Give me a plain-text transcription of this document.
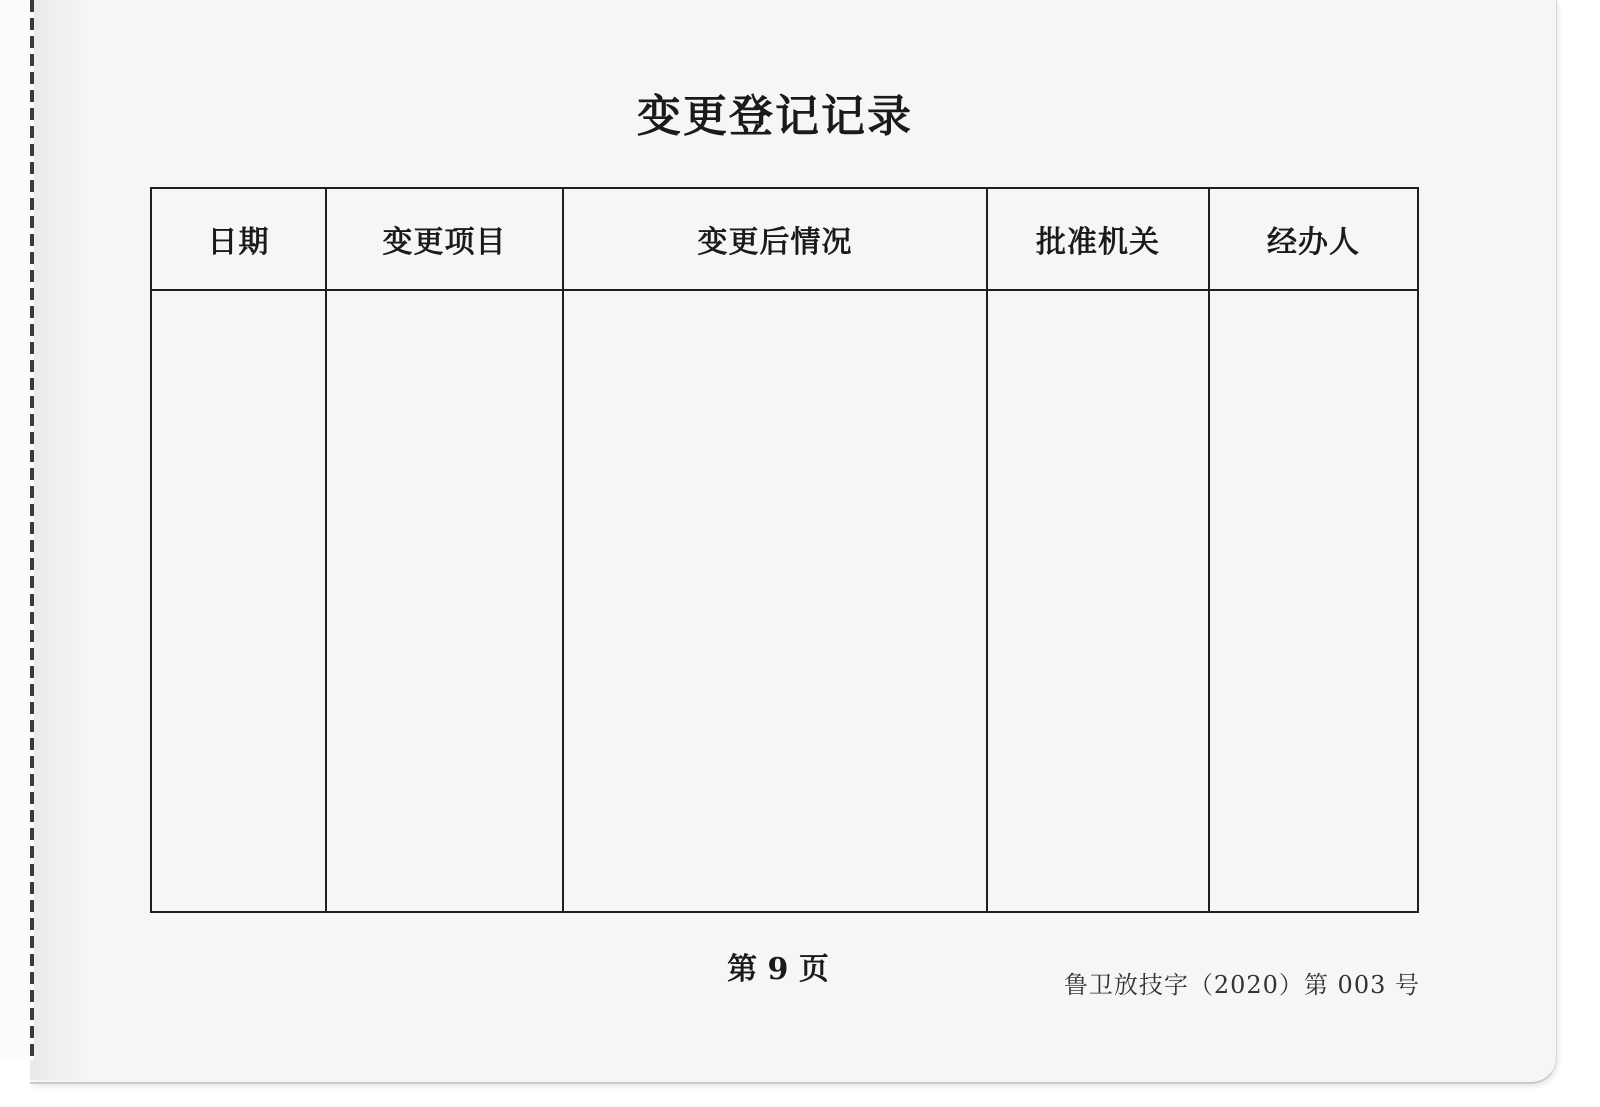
变更登记记录
日期	变更项目	变更后情况	批准机关	经办人

第 9 页	鲁卫放技字（2020）第 003 号
